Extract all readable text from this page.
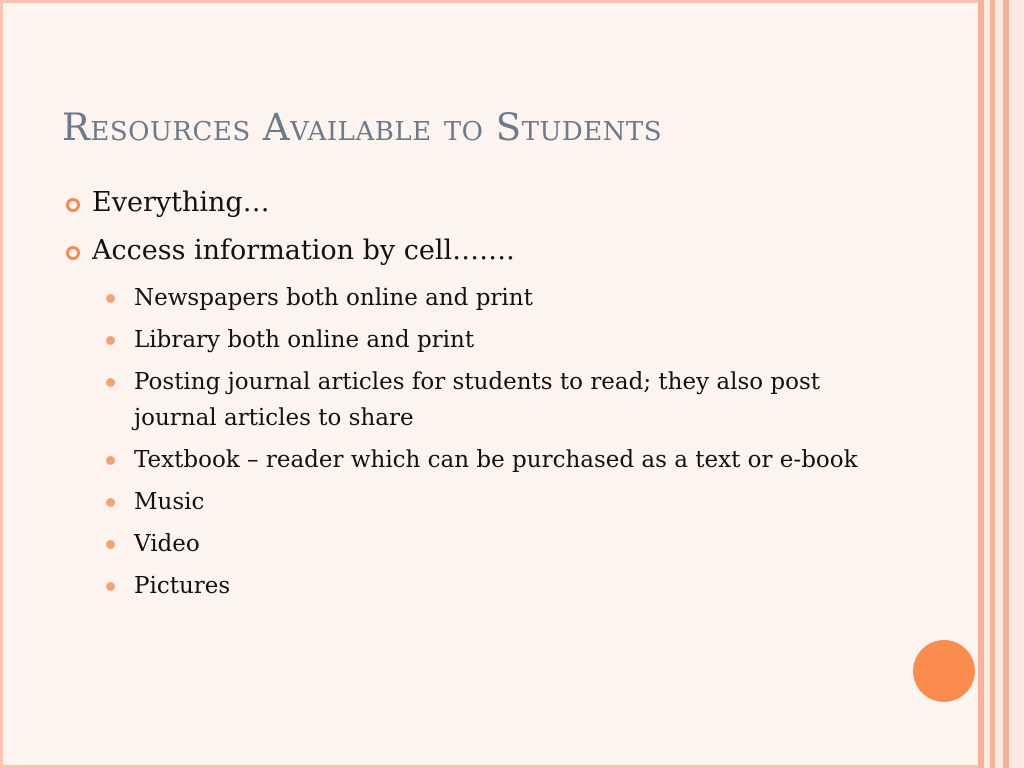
Resources Available to Students
Everything…
Access information by cell…….
Newspapers both online and print
Library both online and print
Posting journal articles for students to read; they also post journal articles to share
Textbook – reader which can be purchased as a text or e-book
Music
Video
Pictures
